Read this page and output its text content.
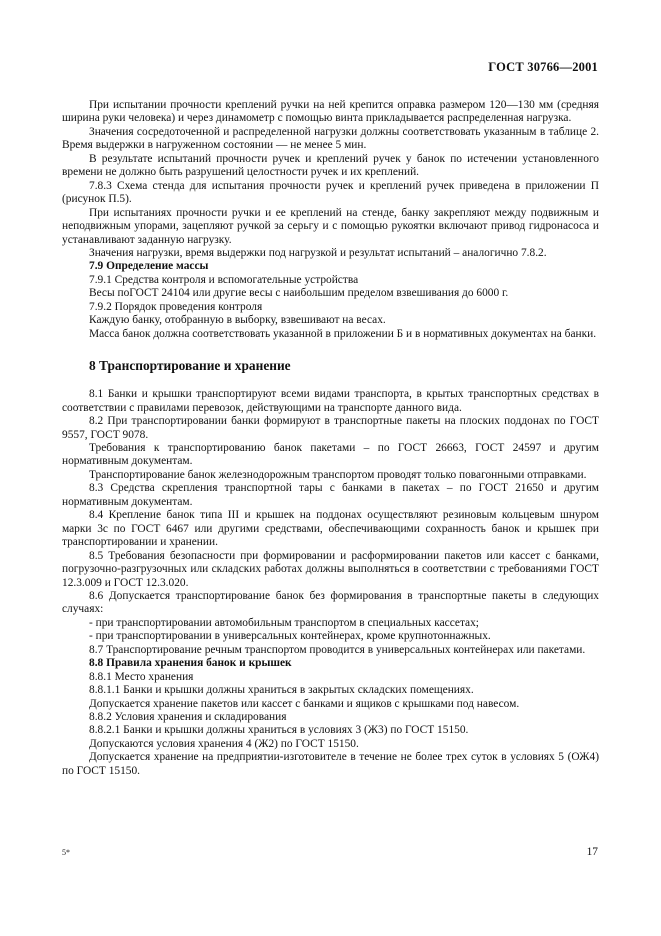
ГОСТ 30766—2001

При испытании прочности креплений ручки на ней крепится оправка размером 120—130 мм (средняя ширина руки человека) и через динамометр с помощью винта прикладывается распределенная нагрузка.

Значения сосредоточенной и распределенной нагрузки должны соответствовать указанным в таблице 2. Время выдержки в нагруженном состоянии — не менее 5 мин.

В результате испытаний прочности ручек и креплений ручек у банок по истечении установленного времени не должно быть разрушений целостности ручек и их креплений.

7.8.3 Схема стенда для испытания прочности ручек и креплений ручек приведена в приложении П (рисунок П.5).

При испытаниях прочности ручки и ее креплений на стенде, банку закрепляют между подвижным и неподвижным упорами, зацепляют ручкой за серьгу и с помощью рукоятки включают привод гидронасоса и устанавливают заданную нагрузку.

Значения нагрузки, время выдержки под нагрузкой и результат испытаний – аналогично 7.8.2.

7.9 Определение массы

7.9.1 Средства контроля и вспомогательные устройства

Весы поГОСТ 24104 или другие весы с наибольшим пределом взвешивания до 6000 г.

7.9.2 Порядок проведения контроля

Каждую банку, отобранную в выборку, взвешивают на весах.

Масса банок должна соответствовать указанной в приложении Б и в нормативных документах на банки.

8 Транспортирование и хранение

8.1 Банки и крышки транспортируют всеми видами транспорта, в крытых транспортных средствах в соответствии с правилами перевозок, действующими на транспорте данного вида.

8.2 При транспортировании банки формируют в транспортные пакеты на плоских поддонах по ГОСТ 9557, ГОСТ 9078.

Требования к транспортированию банок пакетами – по ГОСТ 26663, ГОСТ 24597 и другим нормативным документам.

Транспортирование банок железнодорожным транспортом проводят только повагонными отправками.

8.3 Средства скрепления транспортной тары с банками в пакетах – по ГОСТ 21650 и другим нормативным документам.

8.4 Крепление банок типа III и крышек на поддонах осуществляют резиновым кольцевым шнуром марки 3с по ГОСТ 6467 или другими средствами, обеспечивающими сохранность банок и крышек при транспортировании и хранении.

8.5 Требования безопасности при формировании и расформировании пакетов или кассет с банками, погрузочно-разгрузочных или складских работах должны выполняться в соответствии с требованиями ГОСТ 12.3.009 и ГОСТ 12.3.020.

8.6 Допускается транспортирование банок без формирования в транспортные пакеты в следующих случаях:

- при транспортировании автомобильным транспортом в специальных кассетах;

- при транспортировании в универсальных контейнерах, кроме крупнотоннажных.

8.7 Транспортирование речным транспортом проводится в универсальных контейнерах или пакетами.

8.8 Правила хранения банок и крышек

8.8.1 Место хранения

8.8.1.1 Банки и крышки должны храниться в закрытых складских помещениях.

Допускается хранение пакетов или кассет с банками и ящиков с крышками под навесом.

8.8.2 Условия хранения и складирования

8.8.2.1 Банки и крышки должны храниться в условиях 3 (Ж3) по ГОСТ 15150.

Допускаются условия хранения 4 (Ж2) по ГОСТ 15150.

Допускается хранение на предприятии-изготовителе в течение не более трех суток в условиях 5 (ОЖ4) по ГОСТ 15150.

5*	17
